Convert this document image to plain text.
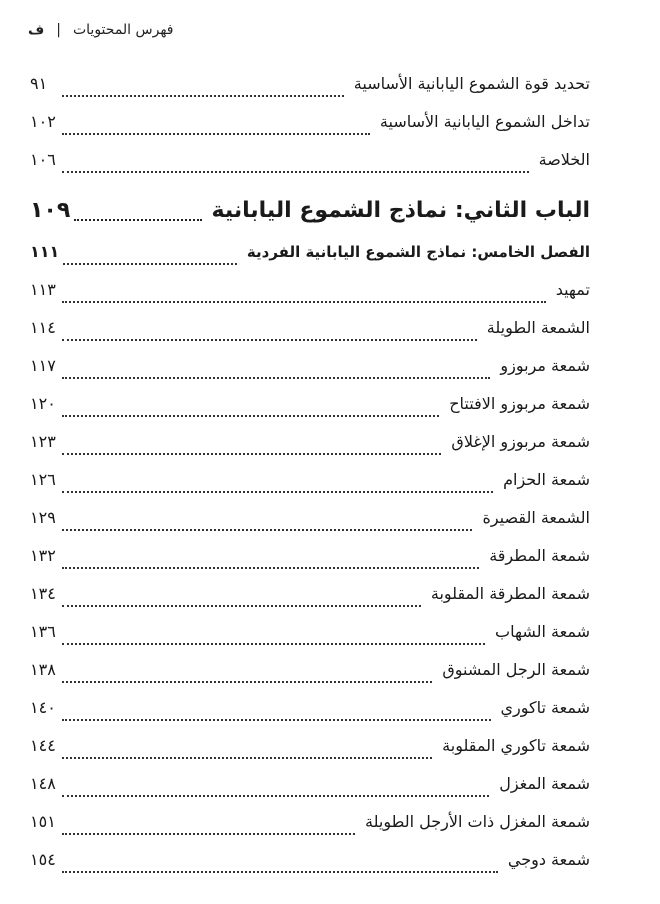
فهرس المحتويات
|
ف
تحديد قوة الشموع اليابانية الأساسية
٩١
تداخل الشموع اليابانية الأساسية
١٠٢
الخلاصة
١٠٦
الباب الثاني: نماذج الشموع اليابانية
١٠٩
الفصل الخامس: نماذج الشموع اليابانية الفردية
١١١
تمهيد
١١٣
الشمعة الطويلة
١١٤
شمعة مربوزو
١١٧
شمعة مربوزو الافتتاح
١٢٠
شمعة مربوزو الإغلاق
١٢٣
شمعة الحزام
١٢٦
الشمعة القصيرة
١٢٩
شمعة المطرقة
١٣٢
شمعة المطرقة المقلوبة
١٣٤
شمعة الشهاب
١٣٦
شمعة الرجل المشنوق
١٣٨
شمعة تاكوري
١٤٠
شمعة تاكوري المقلوبة
١٤٤
شمعة المغزل
١٤٨
شمعة المغزل ذات الأرجل الطويلة
١٥١
شمعة دوجي
١٥٤
